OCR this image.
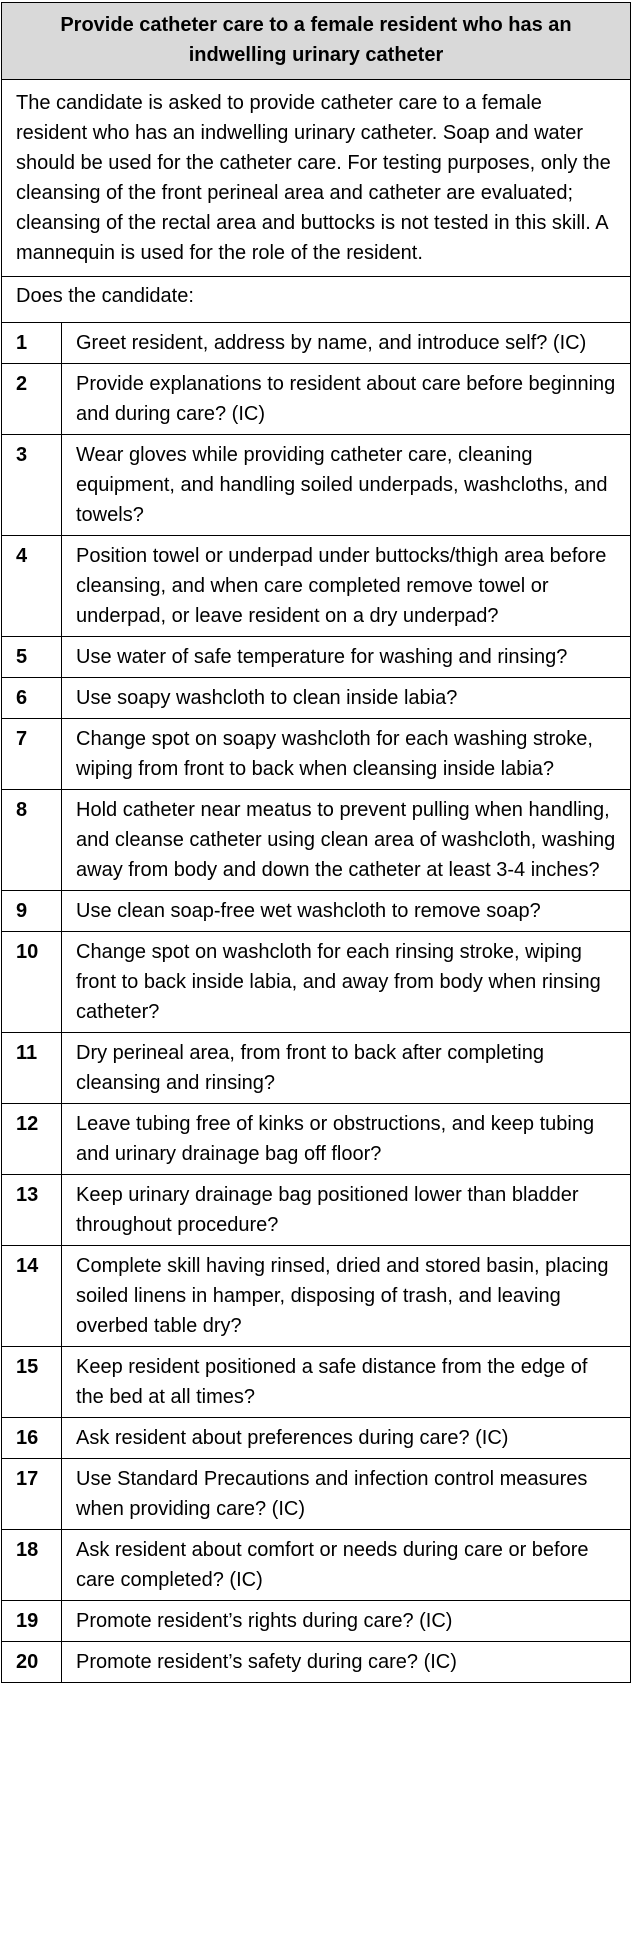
Provide catheter care to a female resident who has an indwelling urinary catheter	
The candidate is asked to provide catheter care to a female resident who has an indwelling urinary catheter. Soap and water should be used for the catheter care. For testing purposes, only the cleansing of the front perineal area and catheter are evaluated; cleansing of the rectal area and buttocks is not tested in this skill. A mannequin is used for the role of the resident.	
Does the candidate:	
1	Greet resident, address by name, and introduce self? (IC)
2	Provide explanations to resident about care before beginning and during care? (IC)
3	Wear gloves while providing catheter care, cleaning equipment, and handling soiled underpads, washcloths, and towels?
4	Position towel or underpad under buttocks/thigh area before cleansing, and when care completed remove towel or underpad, or leave resident on a dry underpad?
5	Use water of safe temperature for washing and rinsing?
6	Use soapy washcloth to clean inside labia?
7	Change spot on soapy washcloth for each washing stroke, wiping from front to back when cleansing inside labia?
8	Hold catheter near meatus to prevent pulling when handling, and cleanse catheter using clean area of washcloth, washing away from body and down the catheter at least 3-4 inches?
9	Use clean soap-free wet washcloth to remove soap?
10	Change spot on washcloth for each rinsing stroke, wiping front to back inside labia, and away from body when rinsing catheter?
11	Dry perineal area, from front to back after completing cleansing and rinsing?
12	Leave tubing free of kinks or obstructions, and keep tubing and urinary drainage bag off floor?
13	Keep urinary drainage bag positioned lower than bladder throughout procedure?
14	Complete skill having rinsed, dried and stored basin, placing soiled linens in hamper, disposing of trash, and leaving overbed table dry?
15	Keep resident positioned a safe distance from the edge of the bed at all times?
16	Ask resident about preferences during care? (IC)
17	Use Standard Precautions and infection control measures when providing care? (IC)
18	Ask resident about comfort or needs during care or before care completed? (IC)
19	Promote resident’s rights during care? (IC)
20	Promote resident’s safety during care? (IC)
